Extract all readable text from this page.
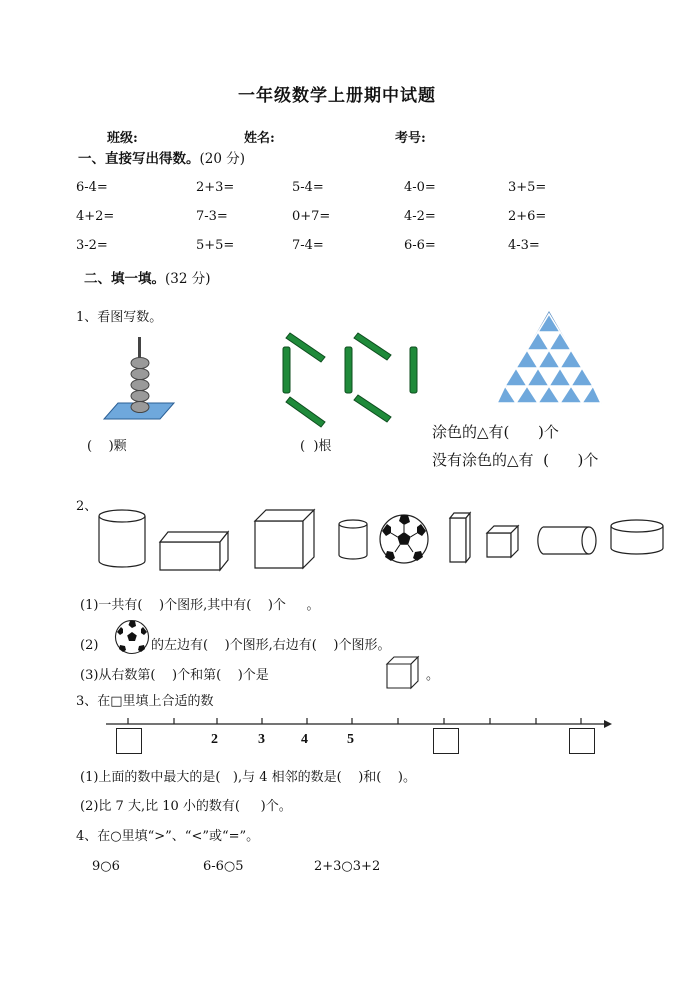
一年级数学上册期中试题
班级:	姓名:	考号:
一、直接写出得数。(20 分)
6-4=	2+3=	5-4=	4-0=	3+5=
4+2=	7-3=	0+7=	4-2=	2+6=
3-2=	5+5=	7-4=	6-6=	4-3=
二、填一填。(32 分)
1、看图写数。
(    )颗	(  )根
涂色的△有(      )个
没有涂色的△有  (      )个
2、
(1)一共有(    )个图形,其中有(    )个     。
(2)	的左边有(    )个图形,右边有(    )个图形。
(3)从右数第(    )个和第(    )个是	。
3、在□里填上合适的数
2	3	4	5
(1)上面的数中最大的是(   ),与 4 相邻的数是(    )和(    )。
(2)比 7 大,比 10 小的数有(     )个。
4、在○里填“>”、“<”或“=”。
9○6	6-6○5	2+3○3+2
